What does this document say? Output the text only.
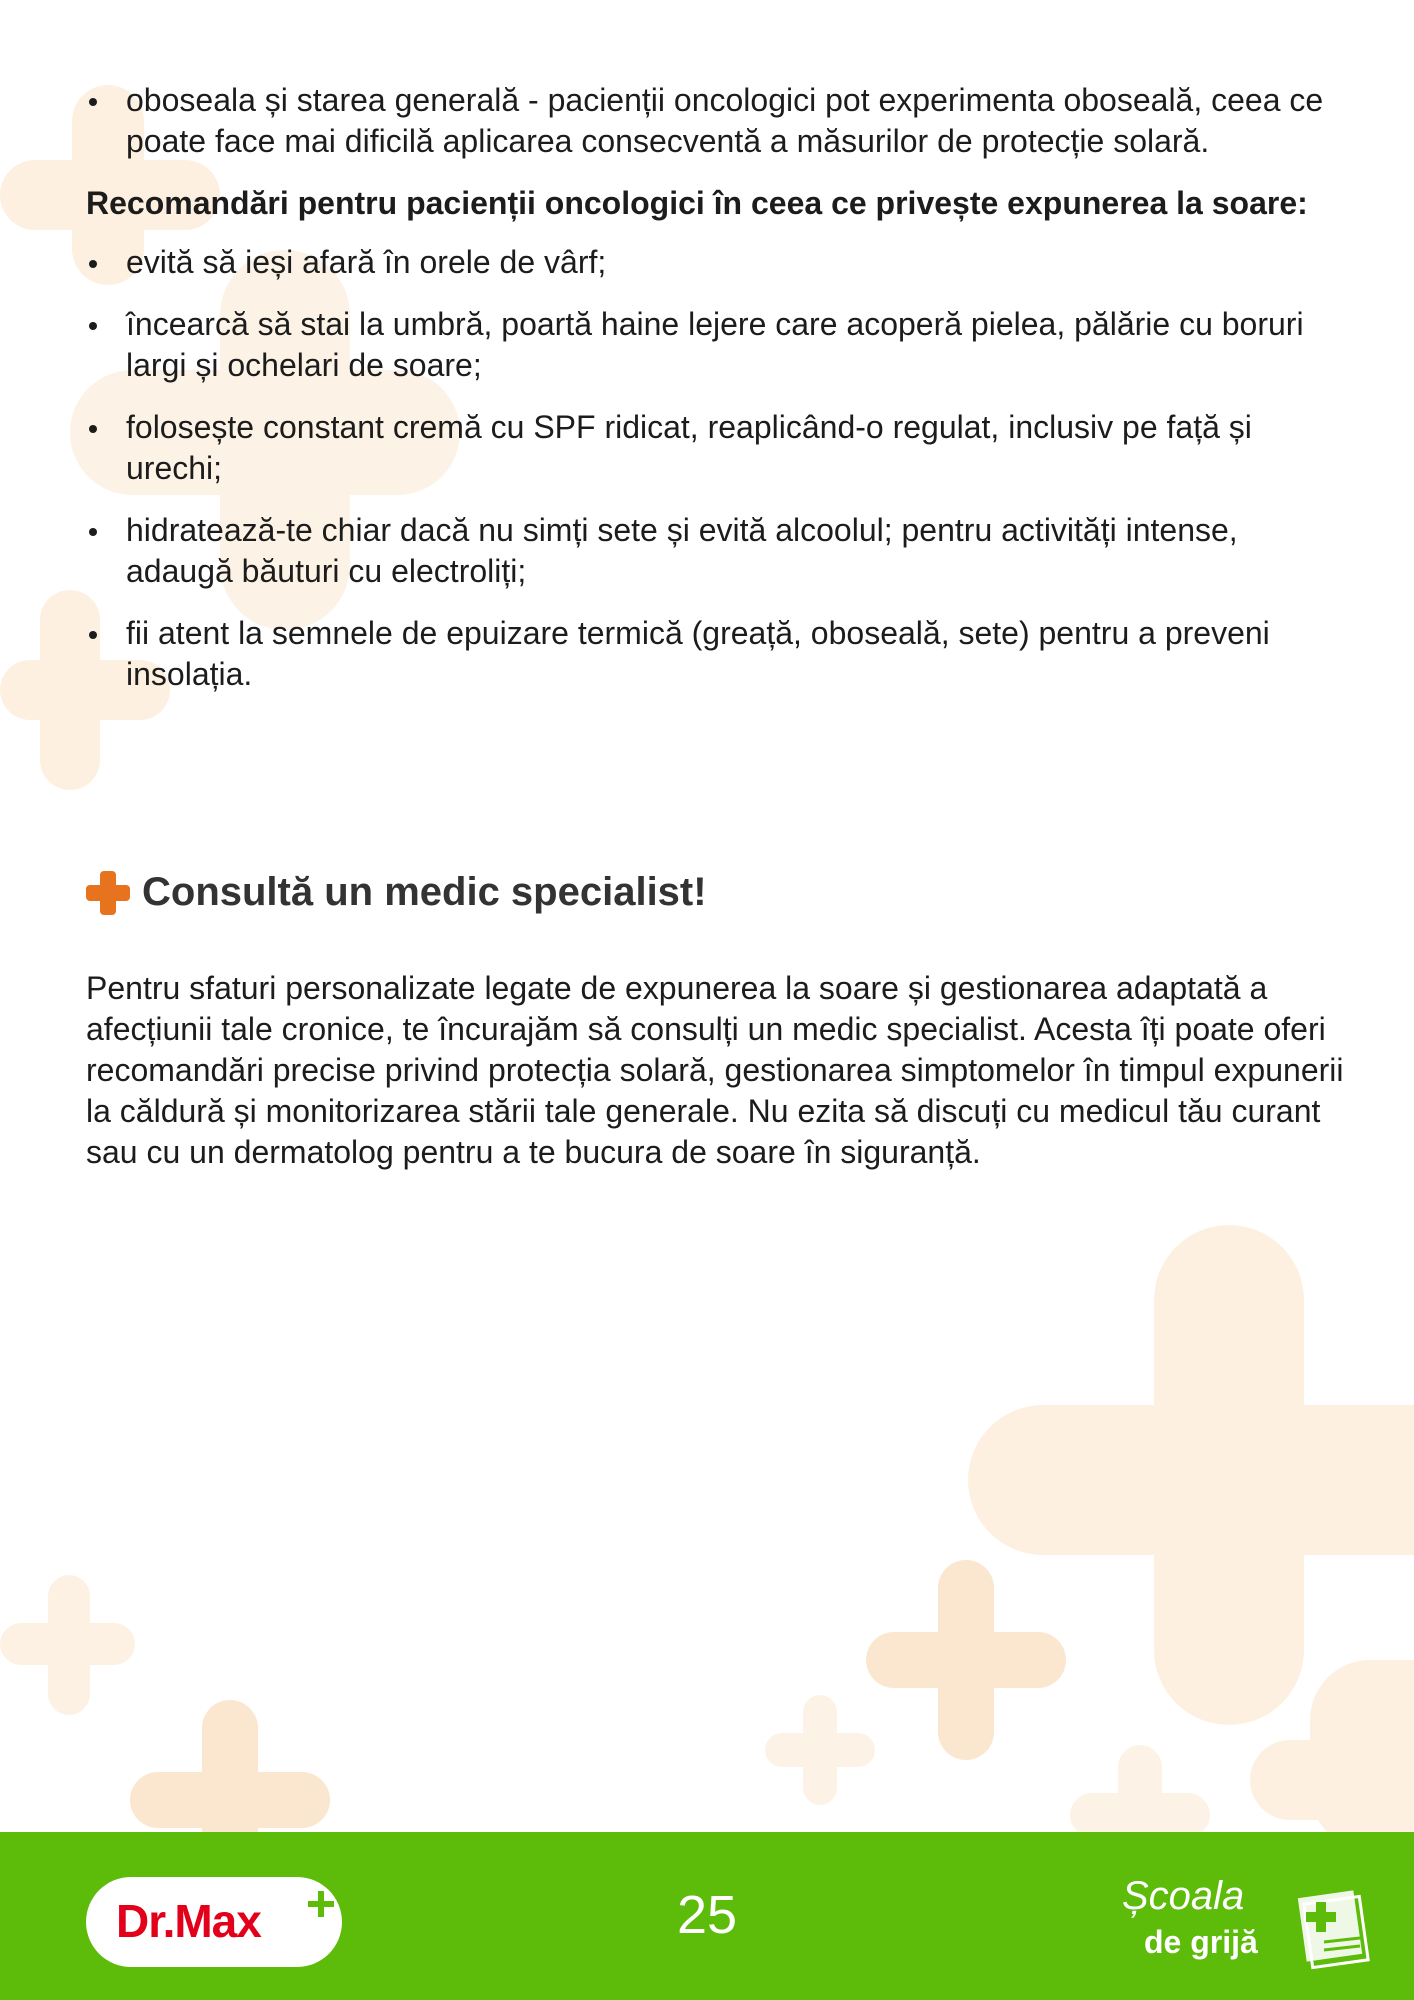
oboseala și starea generală - pacienții oncologici pot experimenta oboseală, ceea ce poate face mai dificilă aplicarea consecventă a măsurilor de protecție solară.
Recomandări pentru pacienții oncologici în ceea ce privește expunerea la soare:
evită să ieși afară în orele de vârf;
încearcă să stai la umbră, poartă haine lejere care acoperă pielea, pălărie cu boruri largi și ochelari de soare;
folosește constant cremă cu SPF ridicat, reaplicând-o regulat, inclusiv pe față și urechi;
hidratează-te chiar dacă nu simți sete și evită alcoolul; pentru activități intense, adaugă băuturi cu electroliți;
fii atent la semnele de epuizare termică (greață, oboseală, sete) pentru a preveni insolația.
Consultă un medic specialist!
Pentru sfaturi personalizate legate de expunerea la soare și gestionarea adaptată a afecțiunii tale cronice, te încurajăm să consulți un medic specialist. Acesta îți poate oferi recomandări precise privind protecția solară, gestionarea simptomelor în timpul expunerii la căldură și monitorizarea stării tale generale. Nu ezita să discuți cu medicul tău curant sau cu un dermatolog pentru a te bucura de soare în siguranță.
Dr.Max	25	Școala
de grijă
